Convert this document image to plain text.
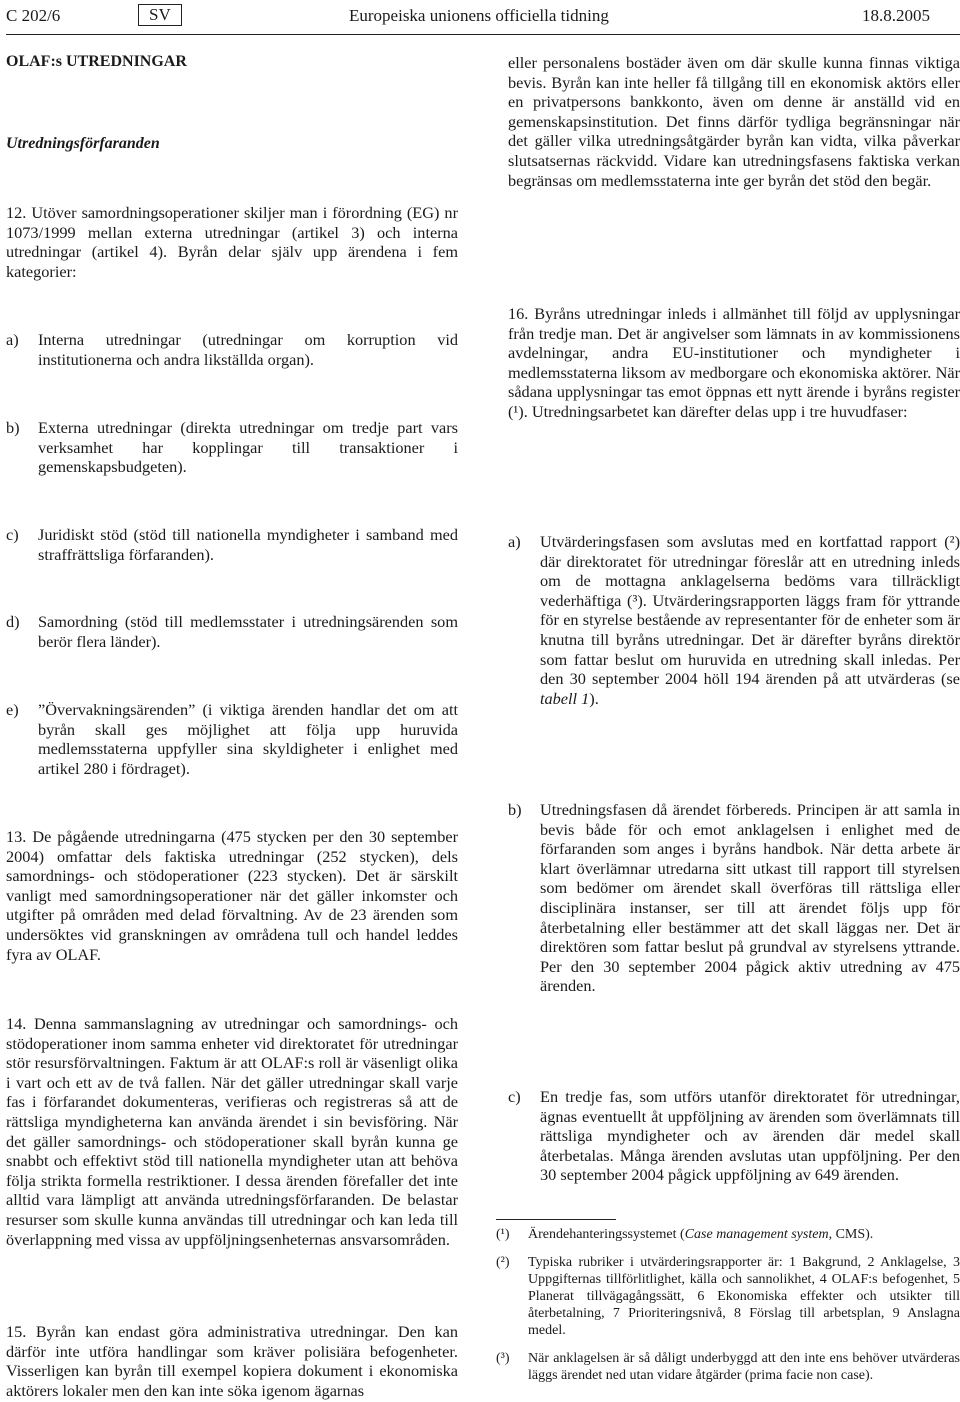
C 202/6	SV	Europeiska unionens officiella tidning	18.8.2005
OLAF:s UTREDNINGAR
Utredningsförfaranden

12. Utöver samordningsoperationer skiljer man i förordning (EG) nr 1073/1999 mellan externa utredningar (artikel 3) och interna utredningar (artikel 4). Byrån delar själv upp ärendena i fem kategorier:

a) Interna utredningar (utredningar om korruption vid institutionerna och andra likställda organ).
b) Externa utredningar (direkta utredningar om tredje part vars verksamhet har kopplingar till transaktioner i gemenskapsbudgeten).
c) Juridiskt stöd (stöd till nationella myndigheter i samband med straffrättsliga förfaranden).
d) Samordning (stöd till medlemsstater i utredningsärenden som berör flera länder).
e) ”Övervakningsärenden” (i viktiga ärenden handlar det om att byrån skall ges möjlighet att följa upp huruvida medlemsstaterna uppfyller sina skyldigheter i enlighet med artikel 280 i fördraget).

13. De pågående utredningarna (475 stycken per den 30 september 2004) omfattar dels faktiska utredningar (252 stycken), dels samordnings- och stödoperationer (223 stycken). Det är särskilt vanligt med samordningsoperationer när det gäller inkomster och utgifter på områden med delad förvaltning. Av de 23 ärenden som undersöktes vid granskningen av områdena tull och handel leddes fyra av OLAF.

14. Denna sammanslagning av utredningar och samordnings- och stödoperationer inom samma enheter vid direktoratet för utredningar stör resursförvaltningen. Faktum är att OLAF:s roll är väsenligt olika i vart och ett av de två fallen. När det gäller utredningar skall varje fas i förfarandet dokumenteras, verifieras och registreras så att de rättsliga myndigheterna kan använda ärendet i sin bevisföring. När det gäller samordnings- och stödoperationer skall byrån kunna ge snabbt och effektivt stöd till nationella myndigheter utan att behöva följa strikta formella restriktioner. I dessa ärenden förefaller det inte alltid vara lämpligt att använda utredningsförfaranden. De belastar resurser som skulle kunna användas till utredningar och kan leda till överlappning med vissa av uppföljningsenheternas ansvarsområden.

15. Byrån kan endast göra administrativa utredningar. Den kan därför inte utföra handlingar som kräver polisiära befogenheter. Visserligen kan byrån till exempel kopiera dokument i ekonomiska aktörers lokaler men den kan inte söka igenom ägarnas

eller personalens bostäder även om där skulle kunna finnas viktiga bevis. Byrån kan inte heller få tillgång till en ekonomisk aktörs eller en privatpersons bankkonto, även om denne är anställd vid en gemenskapsinstitution. Det finns därför tydliga begränsningar när det gäller vilka utredningsåtgärder byrån kan vidta, vilka påverkar slutsatsernas räckvidd. Vidare kan utredningsfasens faktiska verkan begränsas om medlemsstaterna inte ger byrån det stöd den begär.

16. Byråns utredningar inleds i allmänhet till följd av upplysningar från tredje man. Det är angivelser som lämnats in av kommissionens avdelningar, andra EU-institutioner och myndigheter i medlemsstaterna liksom av medborgare och ekonomiska aktörer. När sådana upplysningar tas emot öppnas ett nytt ärende i byråns register (¹). Utredningsarbetet kan därefter delas upp i tre huvudfaser:

a) Utvärderingsfasen som avslutas med en kortfattad rapport (²) där direktoratet för utredningar föreslår att en utredning inleds om de mottagna anklagelserna bedöms vara tillräckligt vederhäftiga (³). Utvärderingsrapporten läggs fram för yttrande för en styrelse bestående av representanter för de enheter som är knutna till byråns utredningar. Det är därefter byråns direktör som fattar beslut om huruvida en utredning skall inledas. Per den 30 september 2004 höll 194 ärenden på att utvärderas (se tabell 1).
b) Utredningsfasen då ärendet förbereds. Principen är att samla in bevis både för och emot anklagelsen i enlighet med de förfaranden som anges i byråns handbok. När detta arbete är klart överlämnar utredarna sitt utkast till rapport till styrelsen som bedömer om ärendet skall överföras till rättsliga eller disciplinära instanser, ser till att ärendet följs upp för återbetalning eller bestämmer att det skall läggas ner. Det är direktören som fattar beslut på grundval av styrelsens yttrande. Per den 30 september 2004 pågick aktiv utredning av 475 ärenden.
c) En tredje fas, som utförs utanför direktoratet för utredningar, ägnas eventuellt åt uppföljning av ärenden som överlämnats till rättsliga myndigheter och av ärenden där medel skall återbetalas. Många ärenden avslutas utan uppföljning. Per den 30 september 2004 pågick uppföljning av 649 ärenden.
(¹) Ärendehanteringssystemet (Case management system, CMS).
(²) Typiska rubriker i utvärderingsrapporter är: 1 Bakgrund, 2 Anklagelse, 3 Uppgifternas tillförlitlighet, källa och sannolikhet, 4 OLAF:s befogenhet, 5 Planerat tillvägagångssätt, 6 Ekonomiska effekter och utsikter till återbetalning, 7 Prioriteringsnivå, 8 Förslag till arbetsplan, 9 Anslagna medel.
(³) När anklagelsen är så dåligt underbyggd att den inte ens behöver utvärderas läggs ärendet ned utan vidare åtgärder (prima facie non case).
